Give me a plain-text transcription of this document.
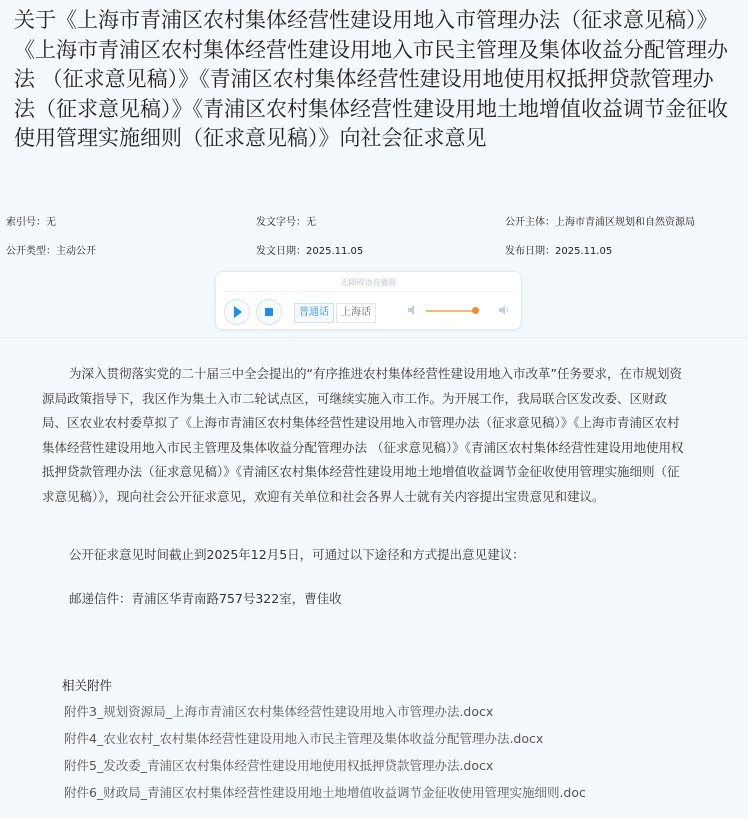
关于《上海市青浦区农村集体经营性建设用地入市管理办法（征求意见稿）》《上海市青浦区农村集体经营性建设用地入市民主管理及集体收益分配管理办法 （征求意见稿）》《青浦区农村集体经营性建设用地使用权抵押贷款管理办法（征求意见稿）》《青浦区农村集体经营性建设用地土地增值收益调节金征收使用管理实施细则（征求意见稿）》向社会征求意见
索引号：无	发文字号：无	公开主体：上海市青浦区规划和自然资源局
公开类型：主动公开	发文日期：2025.11.05	发布日期：2025.11.05
无障碍语音播报
普通话	上海话

为深入贯彻落实党的二十届三中全会提出的“有序推进农村集体经营性建设用地入市改革”任务要求，在市规划资源局政策指导下，我区作为集土入市二轮试点区，可继续实施入市工作。为开展工作，我局联合区发改委、区财政局、区农业农村委草拟了《上海市青浦区农村集体经营性建设用地入市管理办法（征求意见稿）》《上海市青浦区农村集体经营性建设用地入市民主管理及集体收益分配管理办法 （征求意见稿）》《青浦区农村集体经营性建设用地使用权抵押贷款管理办法（征求意见稿）》《青浦区农村集体经营性建设用地土地增值收益调节金征收使用管理实施细则（征求意见稿）》，现向社会公开征求意见，欢迎有关单位和社会各界人士就有关内容提出宝贵意见和建议。

公开征求意见时间截止到2025年12月5日，可通过以下途径和方式提出意见建议：

邮递信件：青浦区华青南路757号322室，曹佳收

相关附件
附件3_规划资源局_上海市青浦区农村集体经营性建设用地入市管理办法.docx
附件4_农业农村_农村集体经营性建设用地入市民主管理及集体收益分配管理办法.docx
附件5_发改委_青浦区农村集体经营性建设用地使用权抵押贷款管理办法.docx
附件6_财政局_青浦区农村集体经营性建设用地土地增值收益调节金征收使用管理实施细则.doc
